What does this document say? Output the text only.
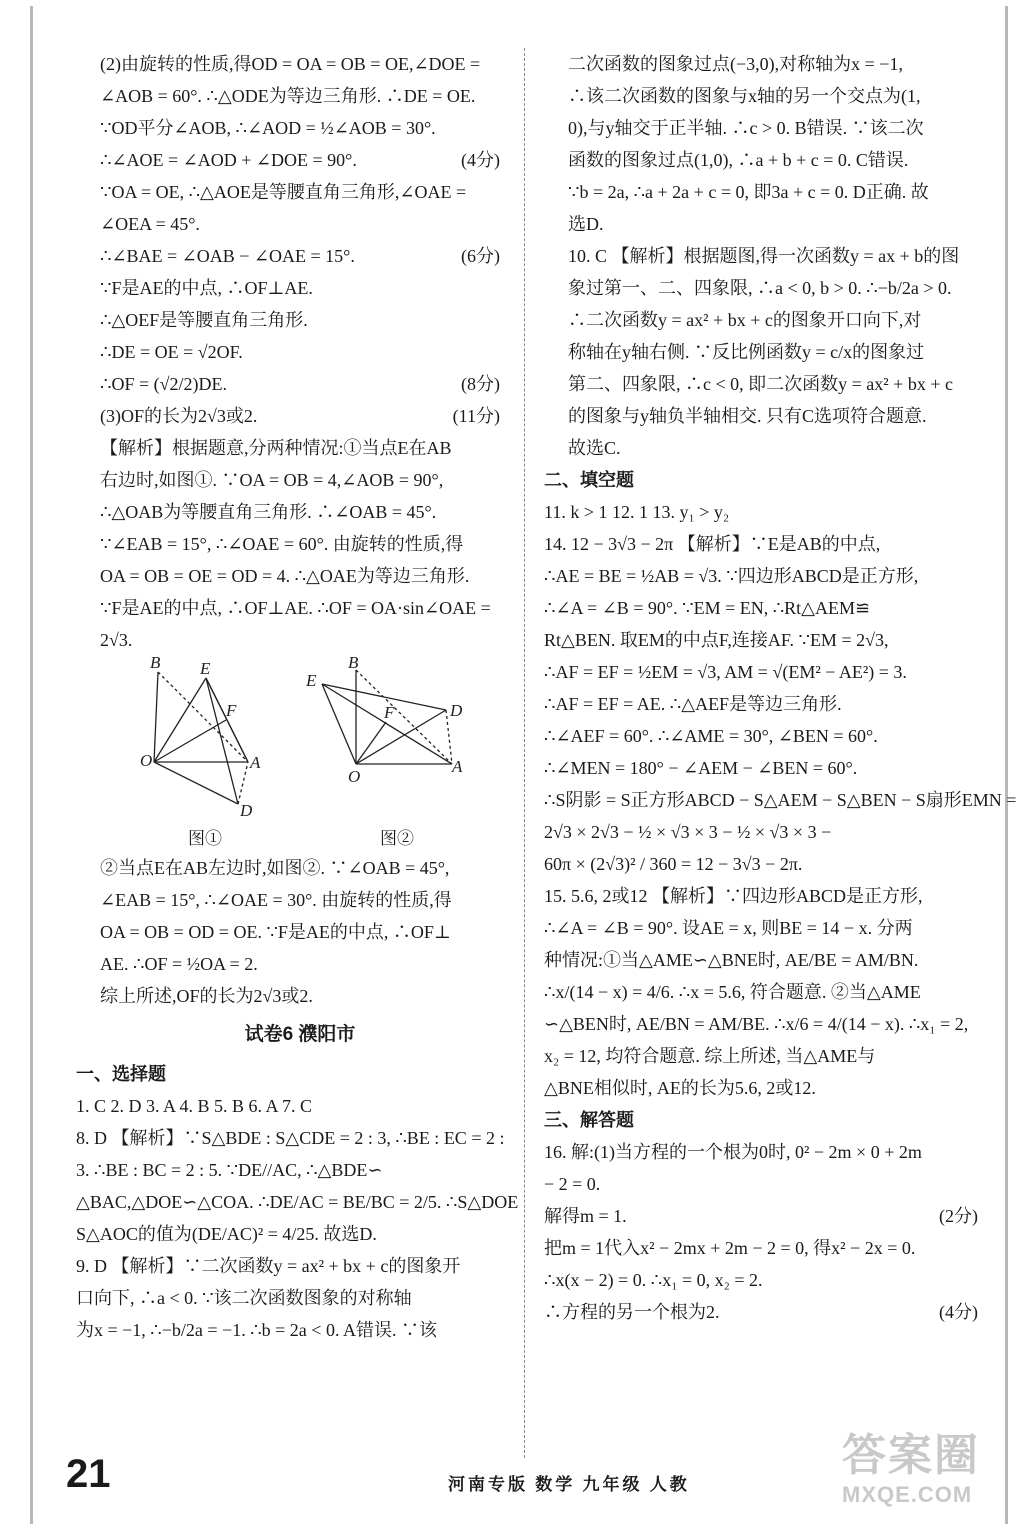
(2)由旋转的性质,得OD = OA = OB = OE,∠DOE =
∠AOB = 60°. ∴△ODE为等边三角形. ∴DE = OE.
∵OD平分∠AOB, ∴∠AOD = ½∠AOB = 30°.
∴∠AOE = ∠AOD + ∠DOE = 90°.	(4分)
∵OA = OE, ∴△AOE是等腰直角三角形,∠OAE =
∠OEA = 45°.
∴∠BAE = ∠OAB − ∠OAE = 15°.	(6分)
∵F是AE的中点, ∴OF⊥AE.
∴△OEF是等腰直角三角形.
∴DE = OE = √2OF.
∴OF = (√2/2)DE.	(8分)
(3)OF的长为2√3或2.	(11分)
【解析】根据题意,分两种情况:①当点E在AB
右边时,如图①. ∵OA = OB = 4,∠AOB = 90°,
∴△OAB为等腰直角三角形. ∴∠OAB = 45°.
∵∠EAB = 15°, ∴∠OAE = 60°. 由旋转的性质,得
OA = OB = OE = OD = 4. ∴△OAE为等边三角形.
∵F是AE的中点, ∴OF⊥AE. ∴OF = OA·sin∠OAE =
2√3.
B E
F
O	A
D
B
E
F	D
O
A
图①	图②
②当点E在AB左边时,如图②. ∵∠OAB = 45°,
∠EAB = 15°, ∴∠OAE = 30°. 由旋转的性质,得
OA = OB = OD = OE. ∵F是AE的中点, ∴OF⊥
AE. ∴OF = ½OA = 2.
综上所述,OF的长为2√3或2.
试卷6 濮阳市
一、选择题
1. C 2. D 3. A 4. B 5. B 6. A 7. C
8. D 【解析】∵S△BDE : S△CDE = 2 : 3, ∴BE : EC = 2 :
3. ∴BE : BC = 2 : 5. ∵DE//AC, ∴△BDE∽
△BAC,△DOE∽△COA. ∴DE/AC = BE/BC = 2/5. ∴S△DOE
S△AOC的值为(DE/AC)² = 4/25. 故选D.
9. D 【解析】∵二次函数y = ax² + bx + c的图象开
口向下, ∴a < 0. ∵该二次函数图象的对称轴
为x = −1, ∴−b/2a = −1. ∴b = 2a < 0. A错误. ∵该
二次函数的图象过点(−3,0),对称轴为x = −1,
∴该二次函数的图象与x轴的另一个交点为(1,
0),与y轴交于正半轴. ∴c > 0. B错误. ∵该二次
函数的图象过点(1,0), ∴a + b + c = 0. C错误.
∵b = 2a, ∴a + 2a + c = 0, 即3a + c = 0. D正确. 故
选D.
10. C 【解析】根据题图,得一次函数y = ax + b的图
象过第一、二、四象限, ∴a < 0, b > 0. ∴−b/2a > 0.
∴二次函数y = ax² + bx + c的图象开口向下,对
称轴在y轴右侧. ∵反比例函数y = c/x的图象过
第二、四象限, ∴c < 0, 即二次函数y = ax² + bx + c
的图象与y轴负半轴相交. 只有C选项符合题意.
故选C.
二、填空题
11. k > 1 12. 1 13. y₁ > y₂
14. 12 − 3√3 − 2π 【解析】∵E是AB的中点,
∴AE = BE = ½AB = √3. ∵四边形ABCD是正方形,
∴∠A = ∠B = 90°. ∵EM = EN, ∴Rt△AEM≌
Rt△BEN. 取EM的中点F,连接AF. ∵EM = 2√3,
∴AF = EF = ½EM = √3, AM = √(EM² − AE²) = 3.
∴AF = EF = AE. ∴△AEF是等边三角形.
∴∠AEF = 60°. ∴∠AME = 30°, ∠BEN = 60°.
∴∠MEN = 180° − ∠AEM − ∠BEN = 60°.
∴S阴影 = S正方形ABCD − S△AEM − S△BEN − S扇形EMN =
2√3 × 2√3 − ½ × √3 × 3 − ½ × √3 × 3 −
60π × (2√3)² / 360 = 12 − 3√3 − 2π.
15. 5.6, 2或12 【解析】∵四边形ABCD是正方形,
∴∠A = ∠B = 90°. 设AE = x, 则BE = 14 − x. 分两
种情况:①当△AME∽△BNE时, AE/BE = AM/BN.
∴x/(14 − x) = 4/6. ∴x = 5.6, 符合题意. ②当△AME
∽△BEN时, AE/BN = AM/BE. ∴x/6 = 4/(14 − x). ∴x₁ = 2,
x₂ = 12, 均符合题意. 综上所述, 当△AME与
△BNE相似时, AE的长为5.6, 2或12.
三、解答题
16. 解:(1)当方程的一个根为0时, 0² − 2m × 0 + 2m
− 2 = 0.
解得m = 1.	(2分)
把m = 1代入x² − 2mx + 2m − 2 = 0, 得x² − 2x = 0.
∴x(x − 2) = 0. ∴x₁ = 0, x₂ = 2.
∴方程的另一个根为2.	(4分)
21	河南专版 数学 九年级 人教
答案圈
MXQE.COM
